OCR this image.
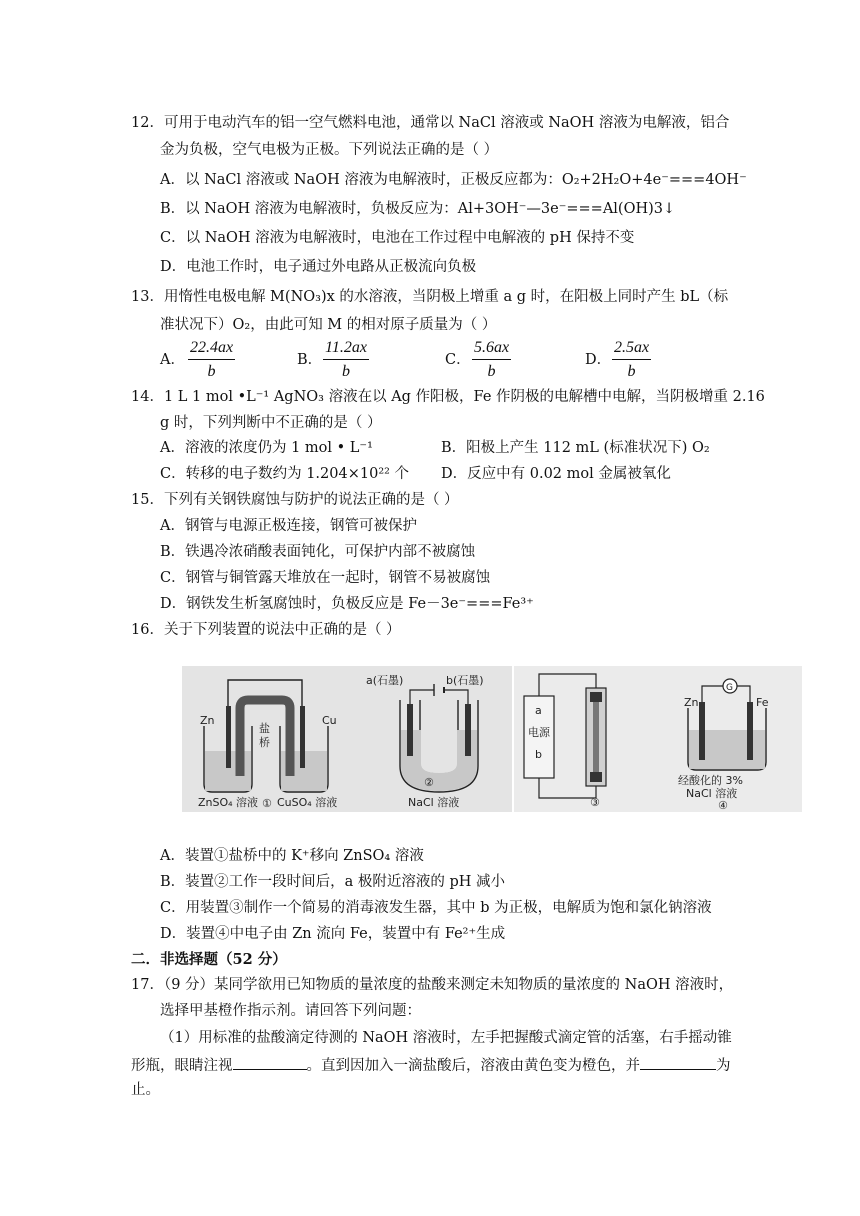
12．可用于电动汽车的铝一空气燃料电池，通常以 NaCl 溶液或 NaOH 溶液为电解液，铝合
金为负极，空气电极为正极。下列说法正确的是（ ）
A．以 NaCl 溶液或 NaOH 溶液为电解液时，正极反应都为：O₂+2H₂O+4e⁻===4OH⁻
B．以 NaOH 溶液为电解液时，负极反应为：Al+3OH⁻—3e⁻===Al(OH)3↓
C．以 NaOH 溶液为电解液时，电池在工作过程中电解液的 pH 保持不变
D．电池工作时，电子通过外电路从正极流向负极
13．用惰性电极电解 M(NO₃)x 的水溶液，当阴极上增重 a g 时，在阳极上同时产生 bL（标
准状况下）O₂，由此可知 M 的相对原子质量为（ ）
A． $\frac{22.4ax}{b}$	B． $\frac{11.2ax}{b}$	C． $\frac{5.6ax}{b}$	D． $\frac{2.5ax}{b}$
14．1 L 1 mol •L⁻¹ AgNO₃ 溶液在以 Ag 作阳极，Fe 作阴极的电解槽中电解，当阴极增重 2.16
g 时，下列判断中不正确的是（ ）
A．溶液的浓度仍为 1 mol • L⁻¹	B．阳极上产生 112 mL (标准状况下) O₂
C．转移的电子数约为 1.204×10²² 个 D．反应中有 0.02 mol 金属被氧化
15．下列有关钢铁腐蚀与防护的说法正确的是（ ）
A．钢管与电源正极连接，钢管可被保护
B．铁遇冷浓硝酸表面钝化，可保护内部不被腐蚀
C．钢管与铜管露天堆放在一起时，钢管不易被腐蚀
D．钢铁发生析氢腐蚀时，负极反应是 Fe－3e⁻===Fe³⁺
16．关于下列装置的说法中正确的是（ ）
Zn	Cu
盐
桥
ZnSO₄ 溶液 CuSO₄ 溶液
a(石墨)	b(石墨)
NaCl 溶液
②
a
电源
b
③
G
Zn	Fe
经酸化的 3%
NaCl 溶液
④
①
A．装置①盐桥中的 K⁺移向 ZnSO₄ 溶液
B．装置②工作一段时间后，a 极附近溶液的 pH 减小
C．用装置③制作一个简易的消毒液发生器，其中 b 为正极，电解质为饱和氯化钠溶液
D．装置④中电子由 Zn 流向 Fe，装置中有 Fe²⁺生成
二．非选择题（52 分）
17．（9 分）某同学欲用已知物质的量浓度的盐酸来测定未知物质的量浓度的 NaOH 溶液时，
选择甲基橙作指示剂。请回答下列问题：
（1）用标准的盐酸滴定待测的 NaOH 溶液时，左手把握酸式滴定管的活塞，右手摇动锥
形瓶，眼睛注视	。直到因加入一滴盐酸后，溶液由黄色变为橙色，并	为
止。
